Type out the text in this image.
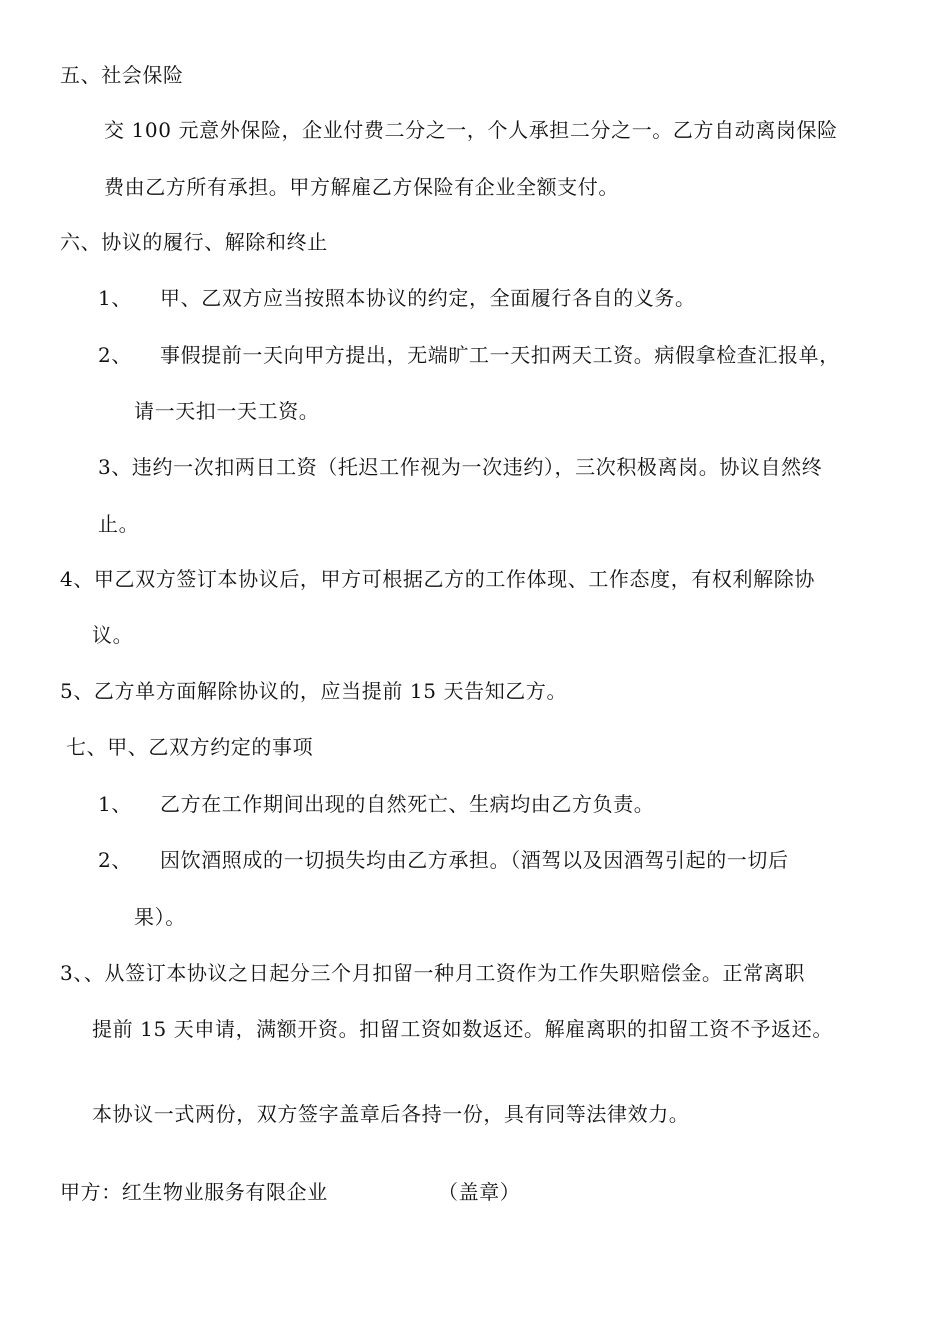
五、社会保险
交 100 元意外保险，企业付费二分之一，个人承担二分之一。乙方自动离岗保险
费由乙方所有承担。甲方解雇乙方保险有企业全额支付。
六、协议的履行、解除和终止
1、 甲、乙双方应当按照本协议的约定，全面履行各自的义务。
2、 事假提前一天向甲方提出，无端旷工一天扣两天工资。病假拿检查汇报单，
请一天扣一天工资。
3、违约一次扣两日工资（托迟工作视为一次违约），三次积极离岗。协议自然终
止。
4、甲乙双方签订本协议后，甲方可根据乙方的工作体现、工作态度，有权利解除协
议。
5、乙方单方面解除协议的，应当提前 15 天告知乙方。
七、甲、乙双方约定的事项
1、 乙方在工作期间出现的自然死亡、生病均由乙方负责。
2、 因饮酒照成的一切损失均由乙方承担。（酒驾以及因酒驾引起的一切后
果）。
3、、从签订本协议之日起分三个月扣留一种月工资作为工作失职赔偿金。正常离职
提前 15 天申请，满额开资。扣留工资如数返还。解雇离职的扣留工资不予返还。
本协议一式两份，双方签字盖章后各持一份，具有同等法律效力。
甲方：红生物业服务有限企业	（盖章）
